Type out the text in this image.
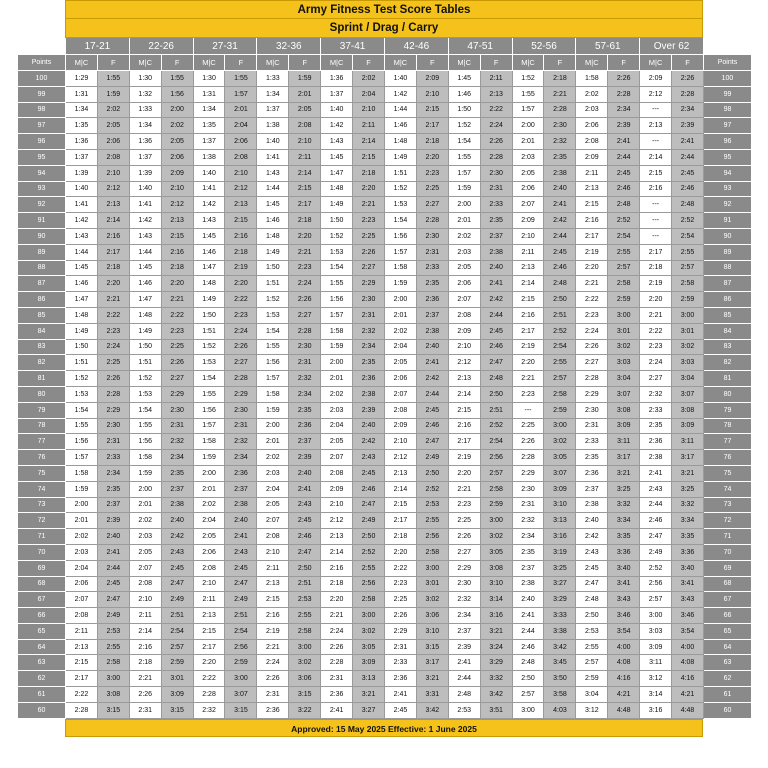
Army Fitness Test Score Tables
Sprint / Drag / Carry
	17-21		22-26		27-31		32-36		37-41		42-46		47-51		52-56		57-61		Over 62		
Points	M|C	F	M|C	F	M|C	F	M|C	F	M|C	F	M|C	F	M|C	F	M|C	F	M|C	F	M|C	F	Points
100	1:29	1:55	1:30	1:55	1:30	1:55	1:33	1:59	1:36	2:02	1:40	2:09	1:45	2:11	1:52	2:18	1:58	2:26	2:09	2:26	100
99	1:31	1:59	1:32	1:56	1:31	1:57	1:34	2:01	1:37	2:04	1:42	2:10	1:46	2:13	1:55	2:21	2:02	2:28	2:12	2:28	99
98	1:34	2:02	1:33	2:00	1:34	2:01	1:37	2:05	1:40	2:10	1:44	2:15	1:50	2:22	1:57	2:28	2:03	2:34	---	2:34	98
97	1:35	2:05	1:34	2:02	1:35	2:04	1:38	2:08	1:42	2:11	1:46	2:17	1:52	2:24	2:00	2:30	2:06	2:39	2:13	2:39	97
96	1:36	2:06	1:36	2:05	1:37	2:06	1:40	2:10	1:43	2:14	1:48	2:18	1:54	2:26	2:01	2:32	2:08	2:41	---	2:41	96
95	1:37	2:08	1:37	2:06	1:38	2:08	1:41	2:11	1:45	2:15	1:49	2:20	1:55	2:28	2:03	2:35	2:09	2:44	2:14	2:44	95
94	1:39	2:10	1:39	2:09	1:40	2:10	1:43	2:14	1:47	2:18	1:51	2:23	1:57	2:30	2:05	2:38	2:11	2:45	2:15	2:45	94
93	1:40	2:12	1:40	2:10	1:41	2:12	1:44	2:15	1:48	2:20	1:52	2:25	1:59	2:31	2:06	2:40	2:13	2:46	2:16	2:46	93
92	1:41	2:13	1:41	2:12	1:42	2:13	1:45	2:17	1:49	2:21	1:53	2:27	2:00	2:33	2:07	2:41	2:15	2:48	---	2:48	92
91	1:42	2:14	1:42	2:13	1:43	2:15	1:46	2:18	1:50	2:23	1:54	2:28	2:01	2:35	2:09	2:42	2:16	2:52	---	2:52	91
90	1:43	2:16	1:43	2:15	1:45	2:16	1:48	2:20	1:52	2:25	1:56	2:30	2:02	2:37	2:10	2:44	2:17	2:54	---	2:54	90
89	1:44	2:17	1:44	2:16	1:46	2:18	1:49	2:21	1:53	2:26	1:57	2:31	2:03	2:38	2:11	2:45	2:19	2:55	2:17	2:55	89
88	1:45	2:18	1:45	2:18	1:47	2:19	1:50	2:23	1:54	2:27	1:58	2:33	2:05	2:40	2:13	2:46	2:20	2:57	2:18	2:57	88
87	1:46	2:20	1:46	2:20	1:48	2:20	1:51	2:24	1:55	2:29	1:59	2:35	2:06	2:41	2:14	2:48	2:21	2:58	2:19	2:58	87
86	1:47	2:21	1:47	2:21	1:49	2:22	1:52	2:26	1:56	2:30	2:00	2:36	2:07	2:42	2:15	2:50	2:22	2:59	2:20	2:59	86
85	1:48	2:22	1:48	2:22	1:50	2:23	1:53	2:27	1:57	2:31	2:01	2:37	2:08	2:44	2:16	2:51	2:23	3:00	2:21	3:00	85
84	1:49	2:23	1:49	2:23	1:51	2:24	1:54	2:28	1:58	2:32	2:02	2:38	2:09	2:45	2:17	2:52	2:24	3:01	2:22	3:01	84
83	1:50	2:24	1:50	2:25	1:52	2:26	1:55	2:30	1:59	2:34	2:04	2:40	2:10	2:46	2:19	2:54	2:26	3:02	2:23	3:02	83
82	1:51	2:25	1:51	2:26	1:53	2:27	1:56	2:31	2:00	2:35	2:05	2:41	2:12	2:47	2:20	2:55	2:27	3:03	2:24	3:03	82
81	1:52	2:26	1:52	2:27	1:54	2:28	1:57	2:32	2:01	2:36	2:06	2:42	2:13	2:48	2:21	2:57	2:28	3:04	2:27	3:04	81
80	1:53	2:28	1:53	2:29	1:55	2:29	1:58	2:34	2:02	2:38	2:07	2:44	2:14	2:50	2:23	2:58	2:29	3:07	2:32	3:07	80
79	1:54	2:29	1:54	2:30	1:56	2:30	1:59	2:35	2:03	2:39	2:08	2:45	2:15	2:51	---	2:59	2:30	3:08	2:33	3:08	79
78	1:55	2:30	1:55	2:31	1:57	2:31	2:00	2:36	2:04	2:40	2:09	2:46	2:16	2:52	2:25	3:00	2:31	3:09	2:35	3:09	78
77	1:56	2:31	1:56	2:32	1:58	2:32	2:01	2:37	2:05	2:42	2:10	2:47	2:17	2:54	2:26	3:02	2:33	3:11	2:36	3:11	77
76	1:57	2:33	1:58	2:34	1:59	2:34	2:02	2:39	2:07	2:43	2:12	2:49	2:19	2:56	2:28	3:05	2:35	3:17	2:38	3:17	76
75	1:58	2:34	1:59	2:35	2:00	2:36	2:03	2:40	2:08	2:45	2:13	2:50	2:20	2:57	2:29	3:07	2:36	3:21	2:41	3:21	75
74	1:59	2:35	2:00	2:37	2:01	2:37	2:04	2:41	2:09	2:46	2:14	2:52	2:21	2:58	2:30	3:09	2:37	3:25	2:43	3:25	74
73	2:00	2:37	2:01	2:38	2:02	2:38	2:05	2:43	2:10	2:47	2:15	2:53	2:23	2:59	2:31	3:10	2:38	3:32	2:44	3:32	73
72	2:01	2:39	2:02	2:40	2:04	2:40	2:07	2:45	2:12	2:49	2:17	2:55	2:25	3:00	2:32	3:13	2:40	3:34	2:46	3:34	72
71	2:02	2:40	2:03	2:42	2:05	2:41	2:08	2:46	2:13	2:50	2:18	2:56	2:26	3:02	2:34	3:16	2:42	3:35	2:47	3:35	71
70	2:03	2:41	2:05	2:43	2:06	2:43	2:10	2:47	2:14	2:52	2:20	2:58	2:27	3:05	2:35	3:19	2:43	3:36	2:49	3:36	70
69	2:04	2:44	2:07	2:45	2:08	2:45	2:11	2:50	2:16	2:55	2:22	3:00	2:29	3:08	2:37	3:25	2:45	3:40	2:52	3:40	69
68	2:06	2:45	2:08	2:47	2:10	2:47	2:13	2:51	2:18	2:56	2:23	3:01	2:30	3:10	2:38	3:27	2:47	3:41	2:56	3:41	68
67	2:07	2:47	2:10	2:49	2:11	2:49	2:15	2:53	2:20	2:58	2:25	3:02	2:32	3:14	2:40	3:29	2:48	3:43	2:57	3:43	67
66	2:08	2:49	2:11	2:51	2:13	2:51	2:16	2:55	2:21	3:00	2:26	3:06	2:34	3:16	2:41	3:33	2:50	3:46	3:00	3:46	66
65	2:11	2:53	2:14	2:54	2:15	2:54	2:19	2:58	2:24	3:02	2:29	3:10	2:37	3:21	2:44	3:38	2:53	3:54	3:03	3:54	65
64	2:13	2:55	2:16	2:57	2:17	2:56	2:21	3:00	2:26	3:05	2:31	3:15	2:39	3:24	2:46	3:42	2:55	4:00	3:09	4:00	64
63	2:15	2:58	2:18	2:59	2:20	2:59	2:24	3:02	2:28	3:09	2:33	3:17	2:41	3:29	2:48	3:45	2:57	4:08	3:11	4:08	63
62	2:17	3:00	2:21	3:01	2:22	3:00	2:26	3:06	2:31	3:13	2:36	3:21	2:44	3:32	2:50	3:50	2:59	4:16	3:12	4:16	62
61	2:22	3:08	2:26	3:09	2:28	3:07	2:31	3:15	2:36	3:21	2:41	3:31	2:48	3:42	2:57	3:58	3:04	4:21	3:14	4:21	61
60	2:28	3:15	2:31	3:15	2:32	3:15	2:36	3:22	2:41	3:27	2:45	3:42	2:53	3:51	3:00	4:03	3:12	4:48	3:16	4:48	60
Approved: 15 May 2025 Effective: 1 June 2025
